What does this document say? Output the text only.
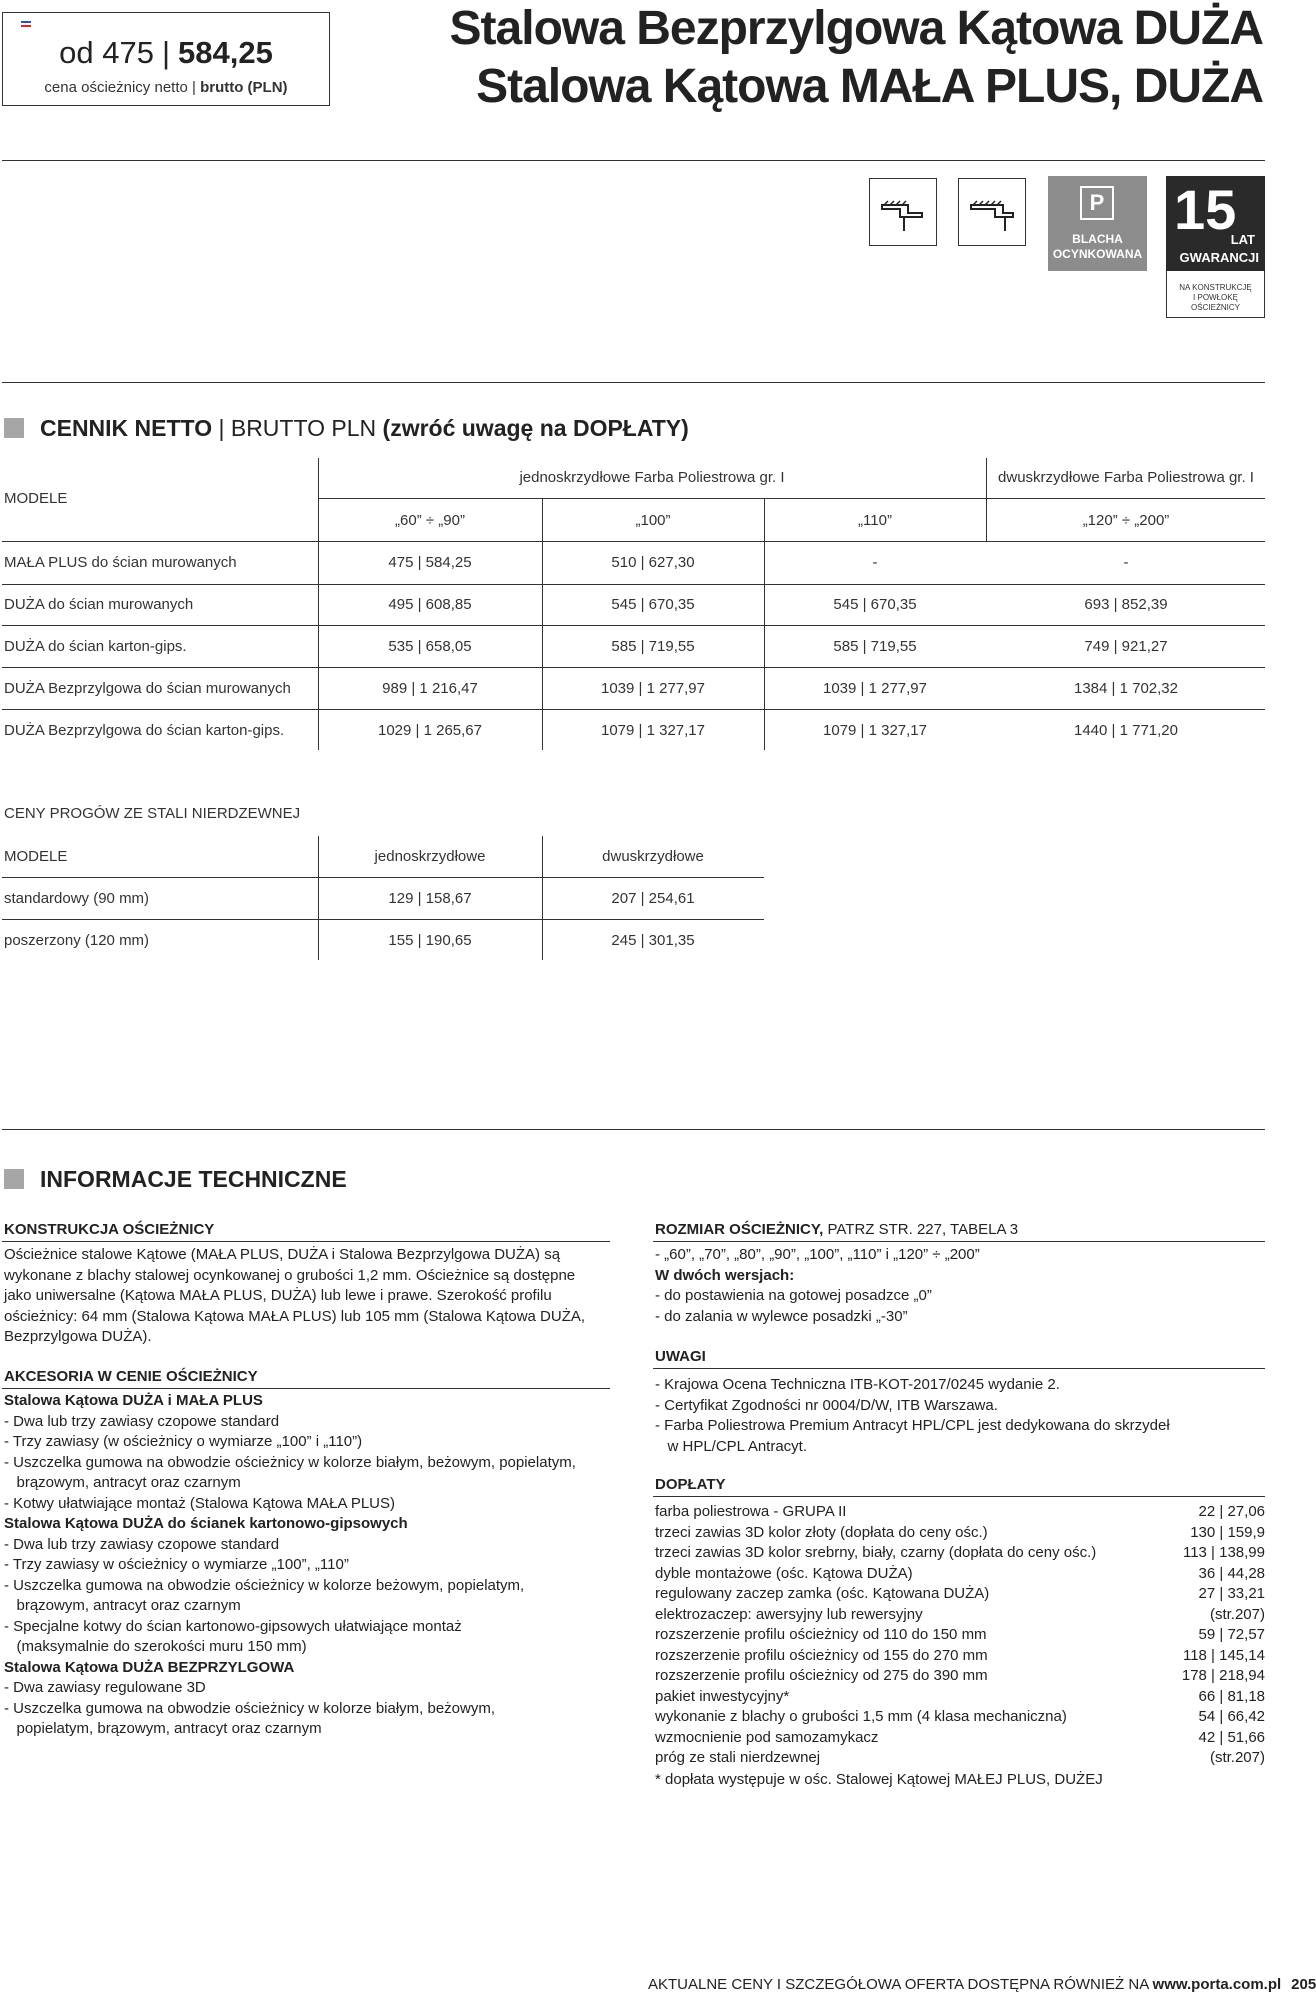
od 475 | 584,25
cena ościeżnicy netto | brutto (PLN)
Stalowa Bezprzylgowa Kątowa DUŻA
Stalowa Kątowa MAŁA PLUS, DUŻA
P
BLACHA
OCYNKOWANA
15
LAT
GWARANCJI
NA KONSTRUKCJĘ
I POWŁOKĘ
OŚCIEŻNICY
CENNIK NETTO | BRUTTO PLN (zwróć uwagę na DOPŁATY)
MODELE
jednoskrzydłowe Farba Poliestrowa gr. I	dwuskrzydłowe Farba Poliestrowa gr. I
„60” ÷ „90”	„100”	„110”	„120” ÷ „200”
MAŁA PLUS do ścian murowanych	475 | 584,25	510 | 627,30	-	-
DUŻA do ścian murowanych	495 | 608,85	545 | 670,35	545 | 670,35	693 | 852,39
DUŻA do ścian karton-gips.	535 | 658,05	585 | 719,55	585 | 719,55	749 | 921,27
DUŻA Bezprzylgowa do ścian murowanych	989 | 1 216,47	1039 | 1 277,97	1039 | 1 277,97	1384 | 1 702,32
DUŻA Bezprzylgowa do ścian karton-gips.	1029 | 1 265,67	1079 | 1 327,17	1079 | 1 327,17	1440 | 1 771,20
CENY PROGÓW ZE STALI NIERDZEWNEJ
MODELE	jednoskrzydłowe	dwuskrzydłowe
standardowy (90 mm)	129 | 158,67	207 | 254,61
poszerzony (120 mm)	155 | 190,65	245 | 301,35
INFORMACJE TECHNICZNE
KONSTRUKCJA OŚCIEŻNICY
Ościeżnice stalowe Kątowe (MAŁA PLUS, DUŻA i Stalowa Bezprzylgowa DUŻA) są
wykonane z blachy stalowej ocynkowanej o grubości 1,2 mm. Ościeżnice są dostępne
jako uniwersalne (Kątowa MAŁA PLUS, DUŻA) lub lewe i prawe. Szerokość profilu
ościeżnicy: 64 mm (Stalowa Kątowa MAŁA PLUS) lub 105 mm (Stalowa Kątowa DUŻA,
Bezprzylgowa DUŻA).
AKCESORIA W CENIE OŚCIEŻNICY
Stalowa Kątowa DUŻA i MAŁA PLUS
- Dwa lub trzy zawiasy czopowe standard
- Trzy zawiasy (w ościeżnicy o wymiarze „100” i „110”)
- Uszczelka gumowa na obwodzie ościeżnicy w kolorze białym, beżowym, popielatym,
brązowym, antracyt oraz czarnym
- Kotwy ułatwiające montaż (Stalowa Kątowa MAŁA PLUS)
Stalowa Kątowa DUŻA do ścianek kartonowo-gipsowych
- Dwa lub trzy zawiasy czopowe standard
- Trzy zawiasy w ościeżnicy o wymiarze „100”, „110”
- Uszczelka gumowa na obwodzie ościeżnicy w kolorze beżowym, popielatym,
brązowym, antracyt oraz czarnym
- Specjalne kotwy do ścian kartonowo-gipsowych ułatwiające montaż
(maksymalnie do szerokości muru 150 mm)
Stalowa Kątowa DUŻA BEZPRZYLGOWA
- Dwa zawiasy regulowane 3D
- Uszczelka gumowa na obwodzie ościeżnicy w kolorze białym, beżowym,
popielatym, brązowym, antracyt oraz czarnym
ROZMIAR OŚCIEŻNICY, PATRZ STR. 227, TABELA 3
- „60”, „70”, „80”, „90”, „100”, „110” i „120” ÷ „200”
W dwóch wersjach:
- do postawienia na gotowej posadzce „0”
- do zalania w wylewce posadzki „-30”
UWAGI
- Krajowa Ocena Techniczna ITB-KOT-2017/0245 wydanie 2.
- Certyfikat Zgodności nr 0004/D/W, ITB Warszawa.
- Farba Poliestrowa Premium Antracyt HPL/CPL jest dedykowana do skrzydeł
w HPL/CPL Antracyt.
DOPŁATY
farba poliestrowa - GRUPA II	22 | 27,06
trzeci zawias 3D kolor złoty (dopłata do ceny ośc.)	130 | 159,9
trzeci zawias 3D kolor srebrny, biały, czarny (dopłata do ceny ośc.)	113 | 138,99
dyble montażowe (ośc. Kątowa DUŻA)	36 | 44,28
regulowany zaczep zamka (ośc. Kątowana DUŻA)	27 | 33,21
elektrozaczep: awersyjny lub rewersyjny	(str.207)
rozszerzenie profilu ościeżnicy od 110 do 150 mm	59 | 72,57
rozszerzenie profilu ościeżnicy od 155 do 270 mm	118 | 145,14
rozszerzenie profilu ościeżnicy od 275 do 390 mm	178 | 218,94
pakiet inwestycyjny*	66 | 81,18
wykonanie z blachy o grubości 1,5 mm (4 klasa mechaniczna)	54 | 66,42
wzmocnienie pod samozamykacz	42 | 51,66
próg ze stali nierdzewnej	(str.207)
* dopłata występuje w ośc. Stalowej Kątowej MAŁEJ PLUS, DUŻEJ
AKTUALNE CENY I SZCZEGÓŁOWA OFERTA DOSTĘPNA RÓWNIEŻ NA www.porta.com.pl 205
